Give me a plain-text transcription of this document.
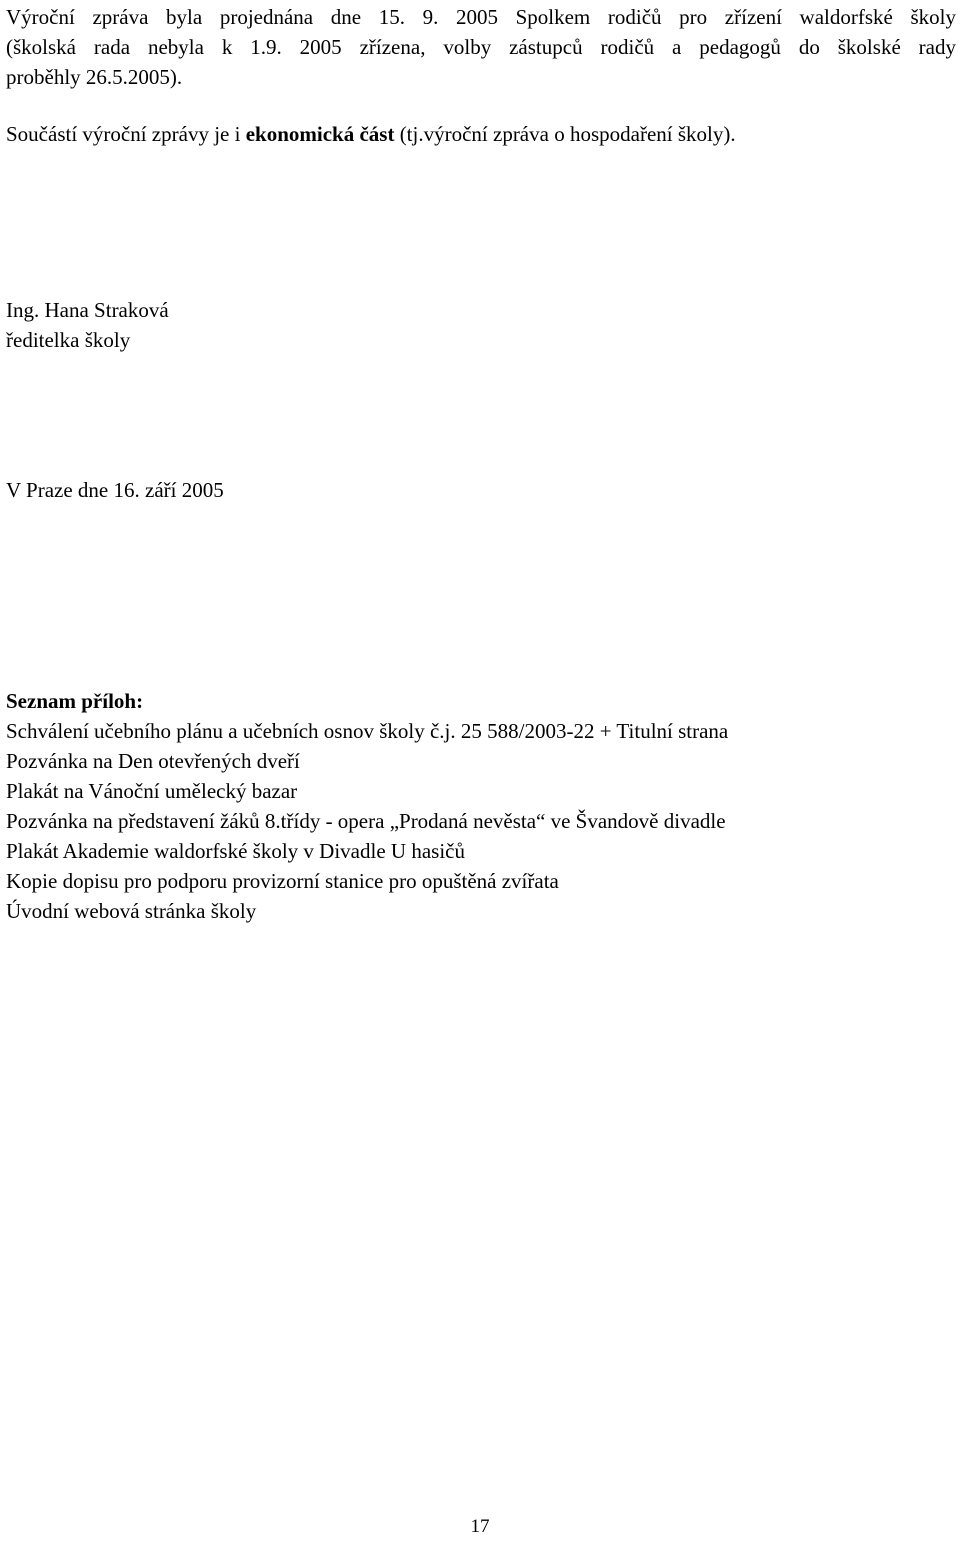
Výroční zpráva byla projednána dne 15. 9. 2005 Spolkem rodičů pro zřízení waldorfské školy
(školská rada nebyla k 1.9. 2005 zřízena, volby zástupců rodičů a pedagogů do školské rady
proběhly 26.5.2005).
Součástí výroční zprávy je i ekonomická část (tj.výroční zpráva o hospodaření školy).
Ing. Hana Straková
ředitelka školy
V Praze dne 16. září 2005
Seznam příloh:
Schválení učebního plánu a učebních osnov školy č.j. 25 588/2003-22 + Titulní strana
Pozvánka na Den otevřených dveří
Plakát na Vánoční umělecký bazar
Pozvánka na představení žáků 8.třídy - opera „Prodaná nevěsta“ ve Švandově divadle
Plakát Akademie waldorfské školy v Divadle U hasičů
Kopie dopisu pro podporu provizorní stanice pro opuštěná zvířata
Úvodní webová stránka školy
17
